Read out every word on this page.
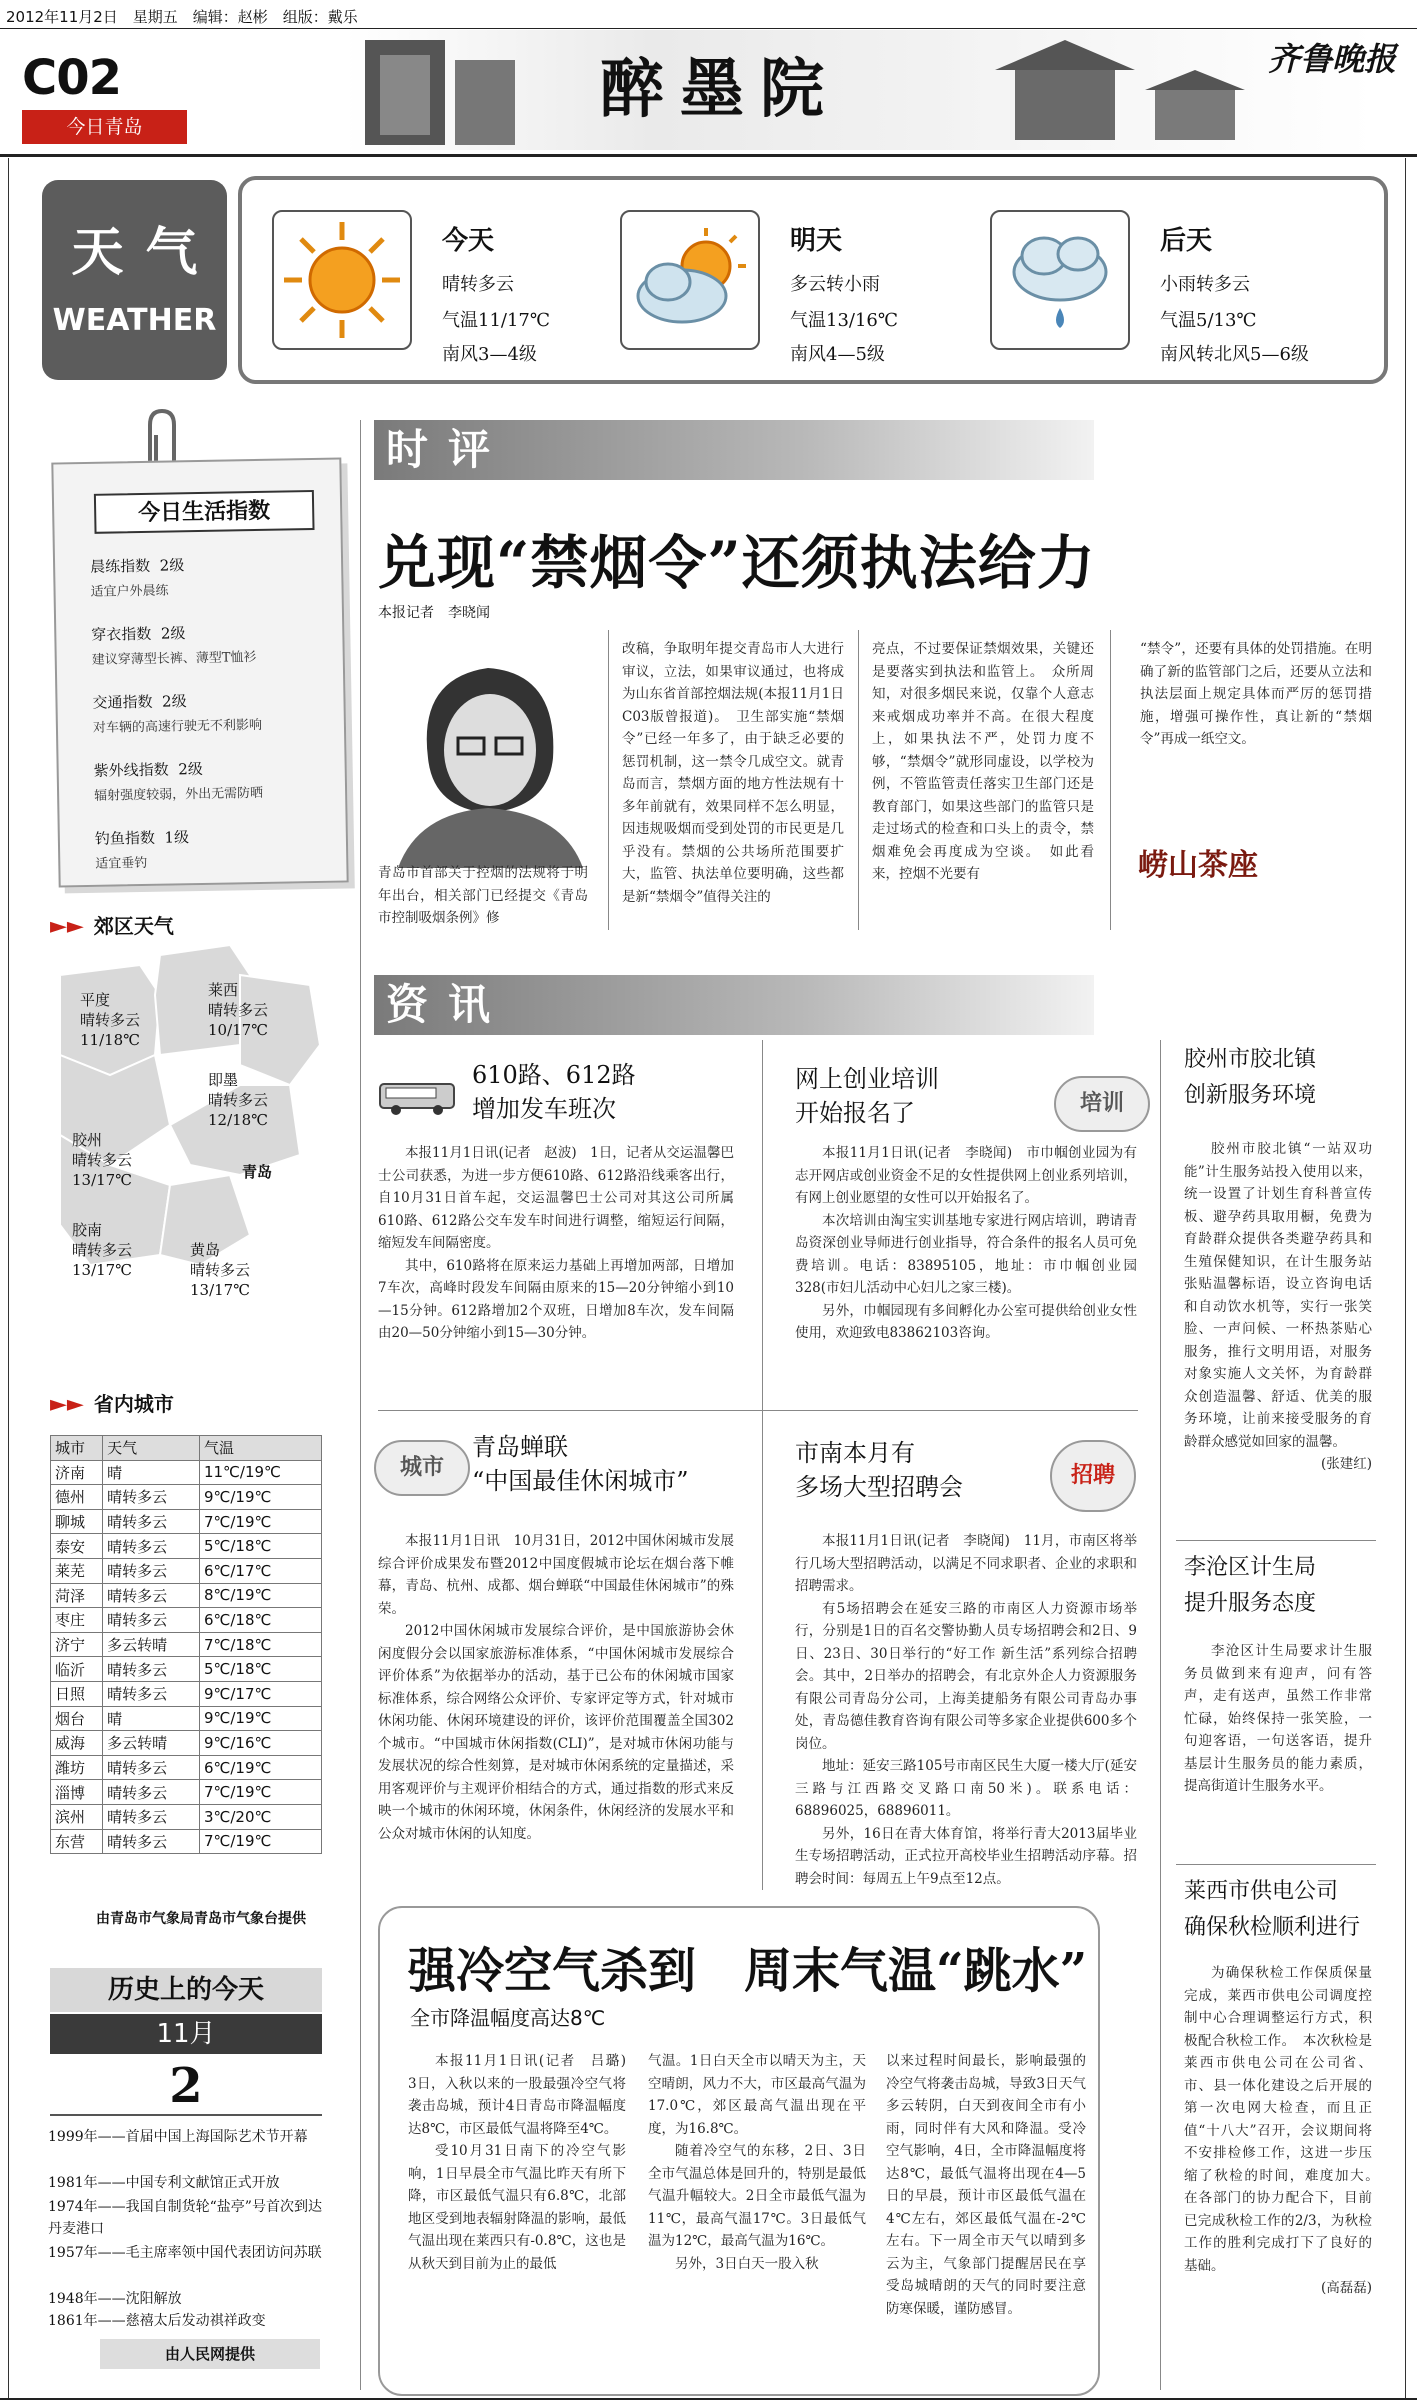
2012年11月2日　星期五　编辑：赵彬　组版：戴乐
C02
今日青岛	醉墨院	齐鲁晚报
天气
WEATHER
今天
晴转多云
气温11/17℃
南风3—4级
明天
多云转小雨
气温13/16℃
南风4—5级
后天
小雨转多云
气温5/13℃
南风转北风5—6级
今日生活指数
晨练指数 2级
适宜户外晨练
穿衣指数 2级
建议穿薄型长裤、薄型T恤衫
交通指数 2级
对车辆的高速行驶无不利影响
紫外线指数 2级
辐射强度较弱，外出无需防晒
钓鱼指数 1级
适宜垂钓
►► 郊区天气
平度
晴转多云
11/18℃
莱西
晴转多云
10/17℃
即墨
晴转多云
12/18℃
胶州
晴转多云
13/17℃	青岛
胶南
晴转多云
13/17℃
黄岛
晴转多云
13/17℃
►► 省内城市
城市	天气	气温
济南	晴	11℃/19℃
德州	晴转多云	9℃/19℃
聊城	晴转多云	7℃/19℃
泰安	晴转多云	5℃/18℃
莱芜	晴转多云	6℃/17℃
菏泽	晴转多云	8℃/19℃
枣庄	晴转多云	6℃/18℃
济宁	多云转晴	7℃/18℃
临沂	晴转多云	5℃/18℃
日照	晴转多云	9℃/17℃
烟台	晴	9℃/19℃
威海	多云转晴	9℃/16℃
潍坊	晴转多云	6℃/19℃
淄博	晴转多云	7℃/19℃
滨州	晴转多云	3℃/20℃
东营	晴转多云	7℃/19℃
由青岛市气象局青岛市气象台提供
历史上的今天
11月
2
1999年——首届中国上海国际艺术节开幕
1981年——中国专利文献馆正式开放
1974年——我国自制货轮“盐亭”号首次到达丹麦港口
1957年——毛主席率领中国代表团访问苏联
1948年——沈阳解放
1861年——慈禧太后发动祺祥政变
由人民网提供
时评
兑现“禁烟令”还须执法给力
本报记者　李晓闻
青岛市首部关于控烟的法规将于明年出台，相关部门已经提交《青岛市控制吸烟条例》修
改稿，争取明年提交青岛市人大进行审议，立法，如果审议通过，也将成为山东省首部控烟法规(本报11月1日C03版曾报道)。　卫生部实施“禁烟令”已经一年多了，由于缺乏必要的惩罚机制，这一禁令几成空文。就青岛而言，禁烟方面的地方性法规有十多年前就有，效果同样不怎么明显，因违规吸烟而受到处罚的市民更是几乎没有。禁烟的公共场所范围要扩大，监管、执法单位要明确，这些都是新“禁烟令”值得关注的
亮点，不过要保证禁烟效果，关键还是要落实到执法和监管上。　众所周知，对很多烟民来说，仅靠个人意志来戒烟成功率并不高。在很大程度上，如果执法不严，处罚力度不够，“禁烟令”就形同虚设，以学校为例，不管监管责任落实卫生部门还是教育部门，如果这些部门的监管只是走过场式的检查和口头上的责令，禁烟难免会再度成为空谈。　如此看来，控烟不光要有
“禁令”，还要有具体的处罚措施。在明确了新的监管部门之后，还要从立法和执法层面上规定具体而严厉的惩罚措施，增强可操作性，真让新的“禁烟令”再成一纸空文。
崂山茶座
资讯
610路、612路
增加发车班次

本报11月1日讯(记者　赵波)　1日，记者从交运温馨巴士公司获悉，为进一步方便610路、612路沿线乘客出行，自10月31日首车起，交运温馨巴士公司对其这公司所属610路、612路公交车发车时间进行调整，缩短运行间隔，缩短发车间隔密度。

其中，610路将在原来运力基础上再增加两部，日增加7车次，高峰时段发车间隔由原来的15—20分钟缩小到10—15分钟。612路增加2个双班，日增加8车次，发车间隔由20—50分钟缩小到15—30分钟。

网上创业培训
开始报名了	培训

本报11月1日讯(记者　李晓闻)　市巾帼创业园为有志开网店或创业资金不足的女性提供网上创业系列培训，有网上创业愿望的女性可以开始报名了。

本次培训由淘宝实训基地专家进行网店培训，聘请青岛资深创业导师进行创业指导，符合条件的报名人员可免费培训。电话：83895105，地址：市巾帼创业园328(市妇儿活动中心妇儿之家三楼)。

另外，巾帼园现有多间孵化办公室可提供给创业女性使用，欢迎致电83862103咨询。

城市
青岛蝉联
“中国最佳休闲城市”

本报11月1日讯　10月31日，2012中国休闲城市发展综合评价成果发布暨2012中国度假城市论坛在烟台落下帷幕，青岛、杭州、成都、烟台蝉联“中国最佳休闲城市”的殊荣。

2012中国休闲城市发展综合评价，是中国旅游协会休闲度假分会以国家旅游标准体系，“中国休闲城市发展综合评价体系”为依据举办的活动，基于已公布的休闲城市国家标准体系，综合网络公众评价、专家评定等方式，针对城市休闲功能、休闲环境建设的评价，该评价范围覆盖全国302个城市。“中国城市休闲指数(CLI)”，是对城市休闲功能与发展状况的综合性刻算，是对城市休闲系统的定量描述，采用客观评价与主观评价相结合的方式，通过指数的形式来反映一个城市的休闲环境，休闲条件，休闲经济的发展水平和公众对城市休闲的认知度。

市南本月有
多场大型招聘会	招聘

本报11月1日讯(记者　李晓闻)　11月，市南区将举行几场大型招聘活动，以满足不同求职者、企业的求职和招聘需求。

有5场招聘会在延安三路的市南区人力资源市场举行，分别是1日的百名交警协勤人员专场招聘会和2日、9日、23日、30日举行的“好工作 新生活”系列综合招聘会。其中，2日举办的招聘会，有北京外企人力资源服务有限公司青岛分公司，上海美捷船务有限公司青岛办事处，青岛德佳教育咨询有限公司等多家企业提供600多个岗位。

地址：延安三路105号市南区民生大厦一楼大厅(延安三路与江西路交叉路口南50米)。联系电话：68896025，68896011。

另外，16日在青大体育馆，将举行青大2013届毕业生专场招聘活动，正式拉开高校毕业生招聘活动序幕。招聘会时间：每周五上午9点至12点。

强冷空气杀到　周末气温“跳水”
全市降温幅度高达8℃

本报11月1日讯(记者　吕璐)　3日，入秋以来的一股最强冷空气将袭击岛城，预计4日青岛市降温幅度达8℃，市区最低气温将降至4℃。

受10月31日南下的冷空气影响，1日早晨全市气温比昨天有所下降，市区最低气温只有6.8℃，北部地区受到地表辐射降温的影响，最低气温出现在莱西只有-0.8℃，这也是从秋天到目前为止的最低

气温。1日白天全市以晴天为主，天空晴朗，风力不大，市区最高气温为17.0℃，郊区最高气温出现在平度，为16.8℃。

随着冷空气的东移，2日、3日全市气温总体是回升的，特别是最低气温升幅较大。2日全市最低气温为11℃，最高气温17℃。3日最低气温为12℃，最高气温为16℃。

另外，3日白天一股入秋

以来过程时间最长，影响最强的冷空气将袭击岛城，导致3日天气多云转阴，白天到夜间全市有小雨，同时伴有大风和降温。受冷空气影响，4日，全市降温幅度将达8℃，最低气温将出现在4—5日的早晨，预计市区最低气温在4℃左右，郊区最低气温在-2℃左右。下一周全市天气以晴到多云为主，气象部门提醒居民在享受岛城晴朗的天气的同时要注意防寒保暖，谨防感冒。

胶州市胶北镇
创新服务环境

胶州市胶北镇“一站双功能”计生服务站投入使用以来，统一设置了计划生育科普宣传板、避孕药具取用橱，免费为育龄群众提供各类避孕药具和生殖保健知识，在计生服务站张贴温馨标语，设立咨询电话和自动饮水机等，实行一张笑脸、一声问候、一杯热茶贴心服务，推行文明用语，对服务对象实施人文关怀，为育龄群众创造温馨、舒适、优美的服务环境，让前来接受服务的育龄群众感觉如回家的温馨。

(张建红)
李沧区计生局
提升服务态度

李沧区计生局要求计生服务员做到来有迎声，问有答声，走有送声，虽然工作非常忙碌，始终保持一张笑脸，一句迎客语，一句送客语，提升基层计生服务员的能力素质，提高街道计生服务水平。

莱西市供电公司
确保秋检顺利进行

为确保秋检工作保质保量完成，莱西市供电公司调度控制中心合理调整运行方式，积极配合秋检工作。　本次秋检是莱西市供电公司在公司省、市、县一体化建设之后开展的第一次电网大检查，而且正值“十八大”召开，会议期间将不安排检修工作，这进一步压缩了秋检的时间，难度加大。　在各部门的协力配合下，目前已完成秋检工作的2/3，为秋检工作的胜利完成打下了良好的基础。

(高磊磊)
